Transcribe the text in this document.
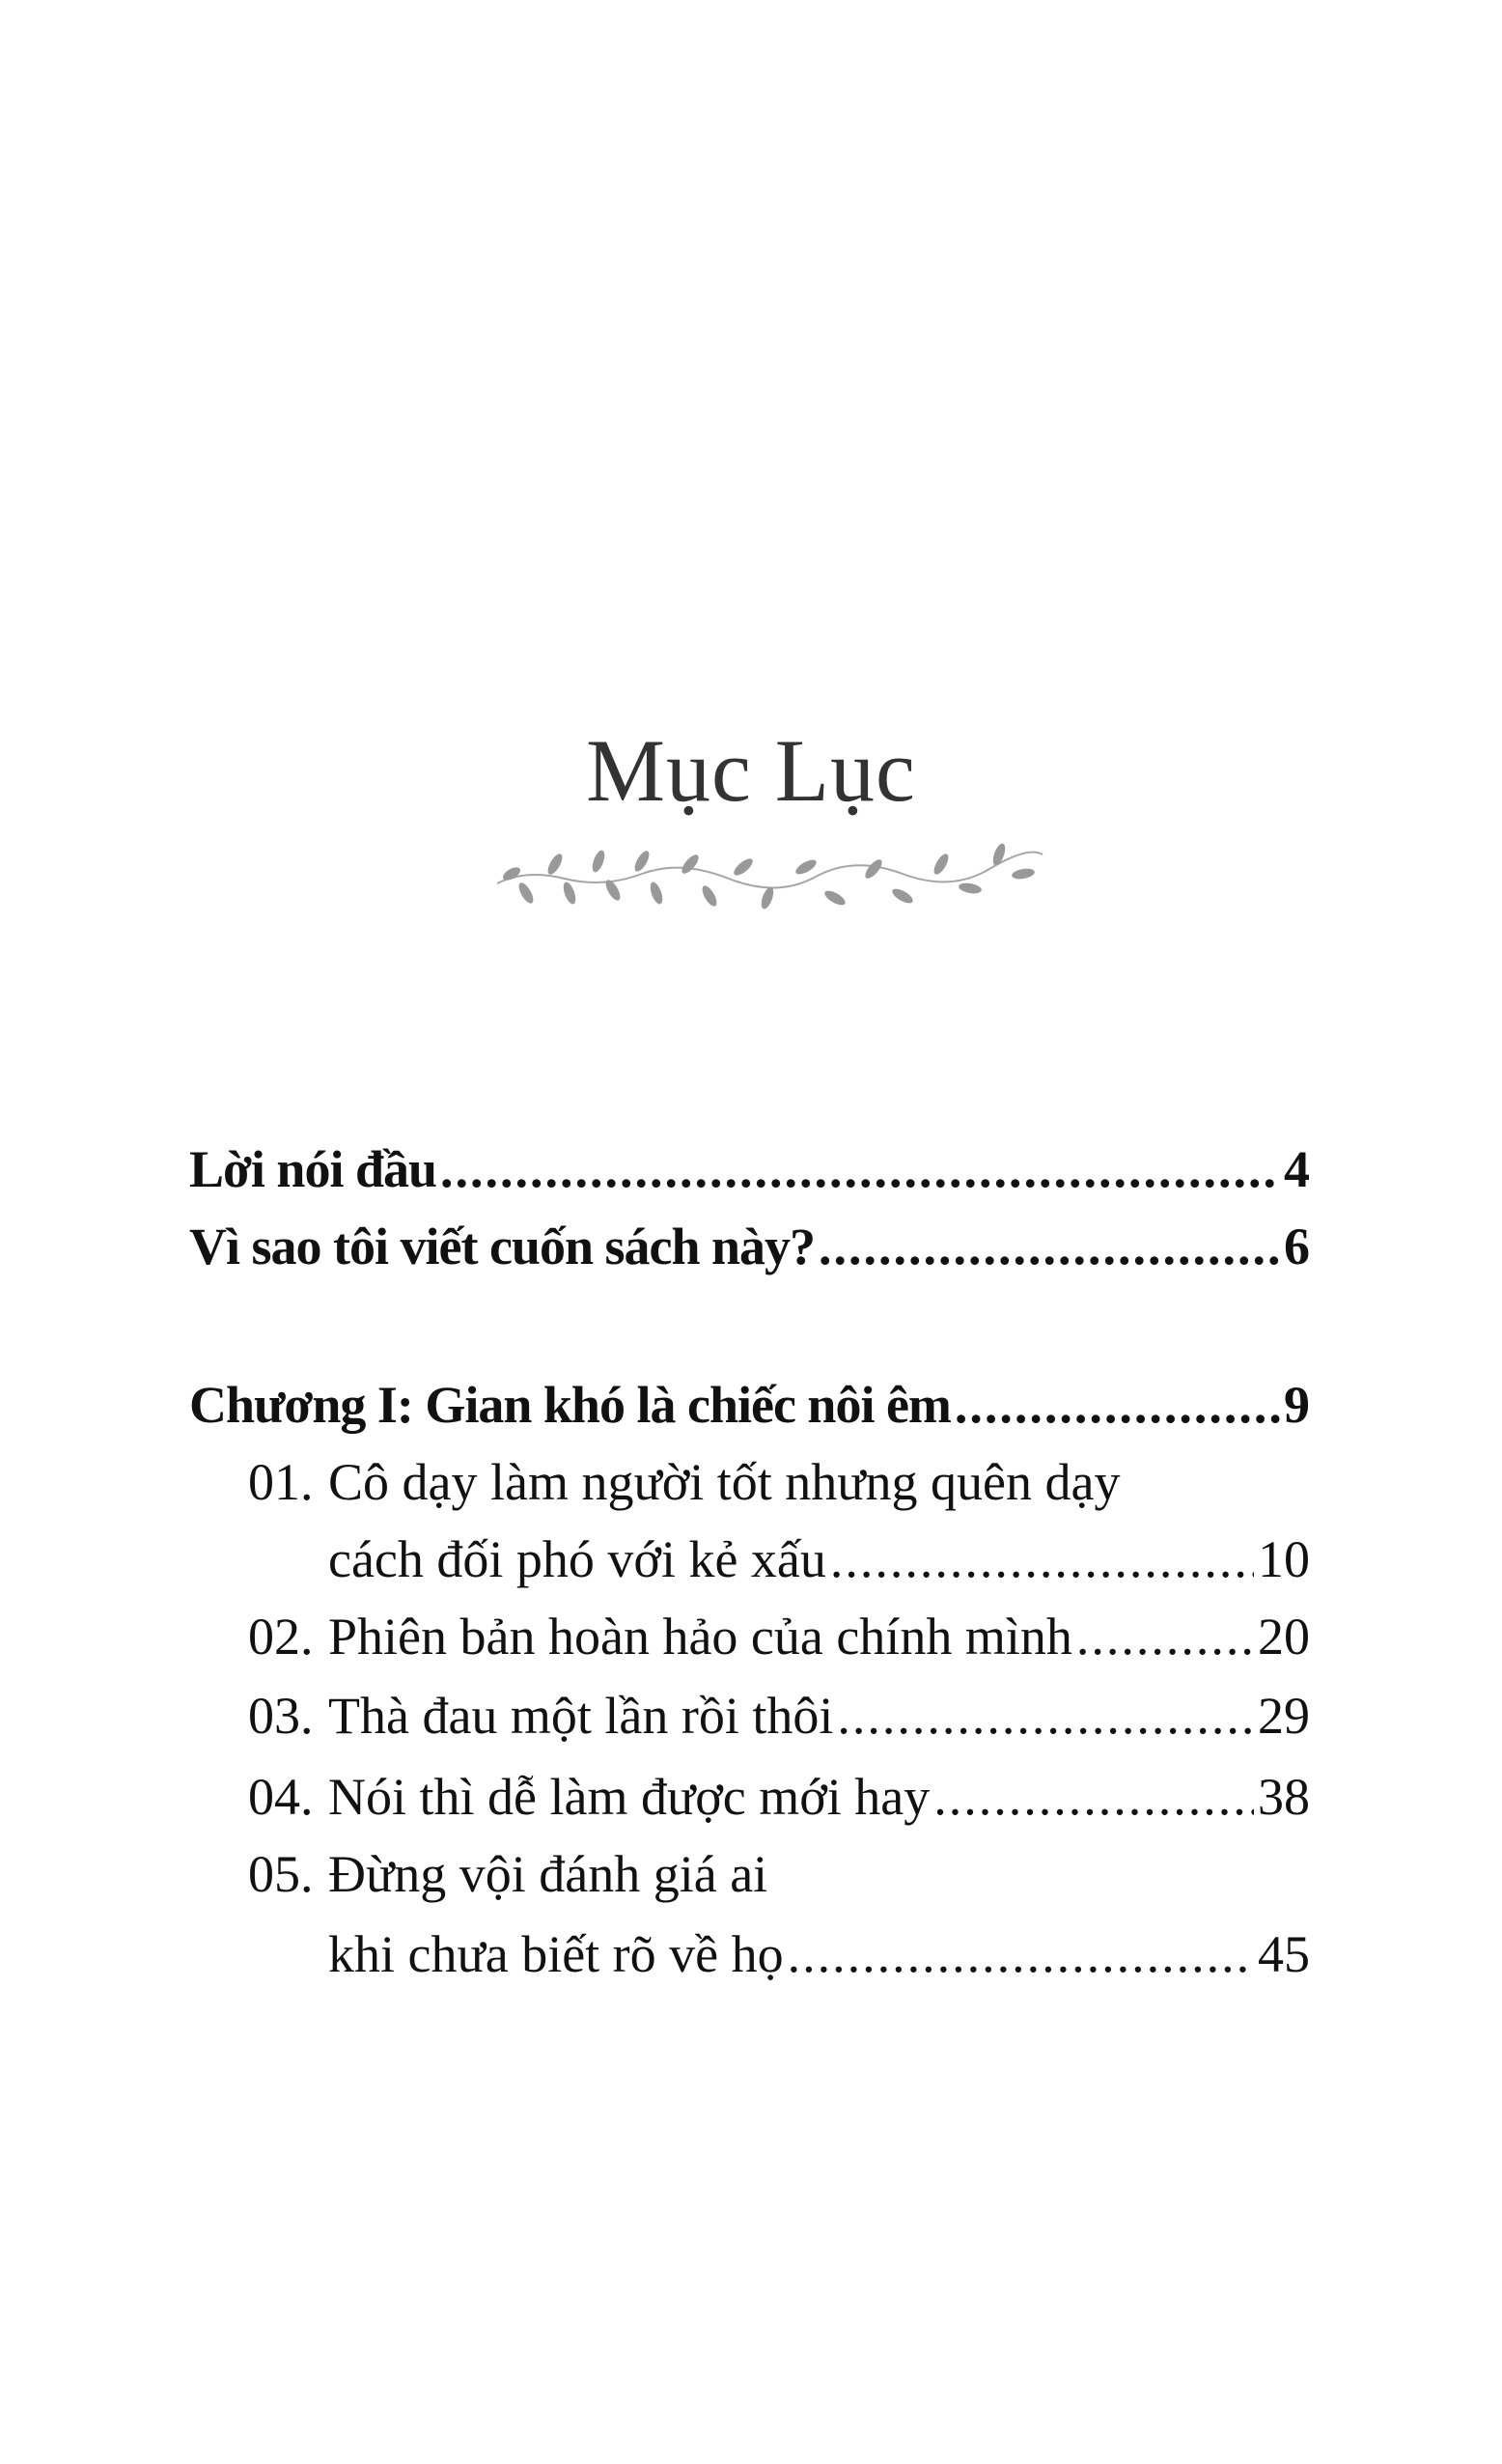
Mục Lục
Lời nói đầu .....	4
Vì sao tôi viết cuốn sách này? .....	6
Chương I: Gian khó là chiếc nôi êm .....	9
01. Cô dạy làm người tốt nhưng quên dạy
cách đối phó với kẻ xấu .....	10
02. Phiên bản hoàn hảo của chính mình .....	20
03. Thà đau một lần rồi thôi .....	29
04. Nói thì dễ làm được mới hay .....	38
05. Đừng vội đánh giá ai
khi chưa biết rõ về họ .....	45
